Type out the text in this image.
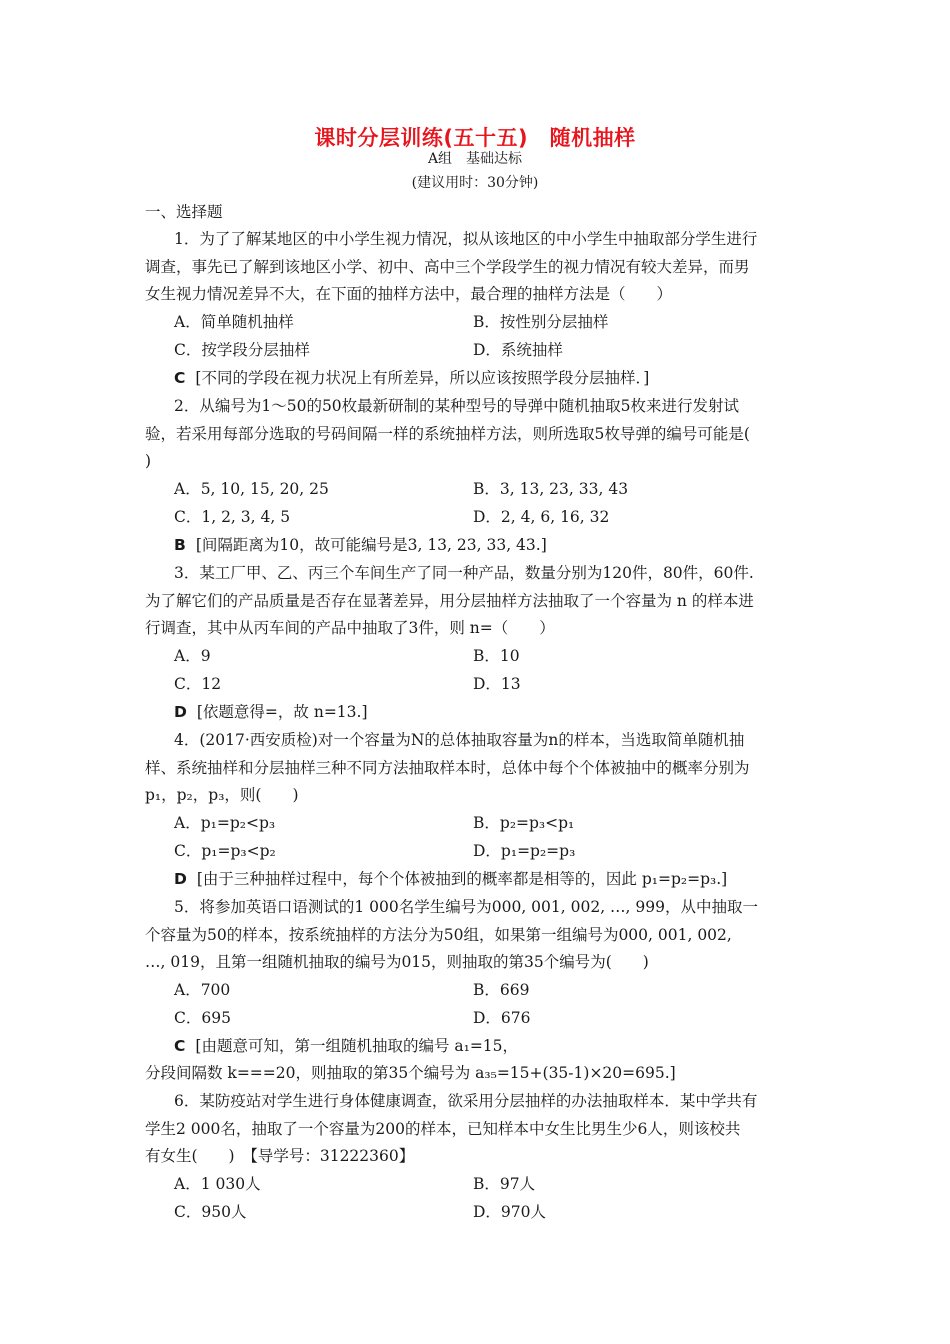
课时分层训练(五十五)　随机抽样
A组　基础达标
(建议用时：30分钟)
一、选择题
1．为了了解某地区的中小学生视力情况，拟从该地区的中小学生中抽取部分学生进行
调查，事先已了解到该地区小学、初中、高中三个学段学生的视力情况有较大差异，而男
女生视力情况差异不大，在下面的抽样方法中，最合理的抽样方法是（　　）
A．简单随机抽样	B．按性别分层抽样
C．按学段分层抽样	D．系统抽样
C [不同的学段在视力状况上有所差异，所以应该按照学段分层抽样．]
2．从编号为1～50的50枚最新研制的某种型号的导弹中随机抽取5枚来进行发射试
验，若采用每部分选取的号码间隔一样的系统抽样方法，则所选取5枚导弹的编号可能是(
)
A．5, 10, 15, 20, 25	B．3, 13, 23, 33, 43
C．1, 2, 3, 4, 5	D．2, 4, 6, 16, 32
B [间隔距离为10，故可能编号是3, 13, 23, 33, 43.]
3．某工厂甲、乙、丙三个车间生产了同一种产品，数量分别为120件，80件，60件.
为了解它们的产品质量是否存在显著差异，用分层抽样方法抽取了一个容量为 n 的样本进
行调查，其中从丙车间的产品中抽取了3件，则 n=（　　）
A．9	B．10
C．12	D．13
D [依题意得=，故 n=13.]
4．(2017·西安质检)对一个容量为N的总体抽取容量为n的样本，当选取简单随机抽
样、系统抽样和分层抽样三种不同方法抽取样本时，总体中每个个体被抽中的概率分别为
p₁，p₂，p₃，则(　　)
A．p₁=p₂<p₃	B．p₂=p₃<p₁
C．p₁=p₃<p₂	D．p₁=p₂=p₃
D [由于三种抽样过程中，每个个体被抽到的概率都是相等的，因此 p₁=p₂=p₃.]
5．将参加英语口语测试的1 000名学生编号为000, 001, 002, …, 999，从中抽取一
个容量为50的样本，按系统抽样的方法分为50组，如果第一组编号为000, 001, 002,
…, 019，且第一组随机抽取的编号为015，则抽取的第35个编号为(　　)
A．700	B．669
C．695	D．676
C [由题意可知，第一组随机抽取的编号 a₁=15，
分段间隔数 k===20，则抽取的第35个编号为 a₃₅=15+(35-1)×20=695.]
6．某防疫站对学生进行身体健康调查，欲采用分层抽样的办法抽取样本．某中学共有
学生2 000名，抽取了一个容量为200的样本，已知样本中女生比男生少6人，则该校共
有女生(　　)　【导学号：31222360】
A．1 030人	B．97人
C．950人	D．970人
